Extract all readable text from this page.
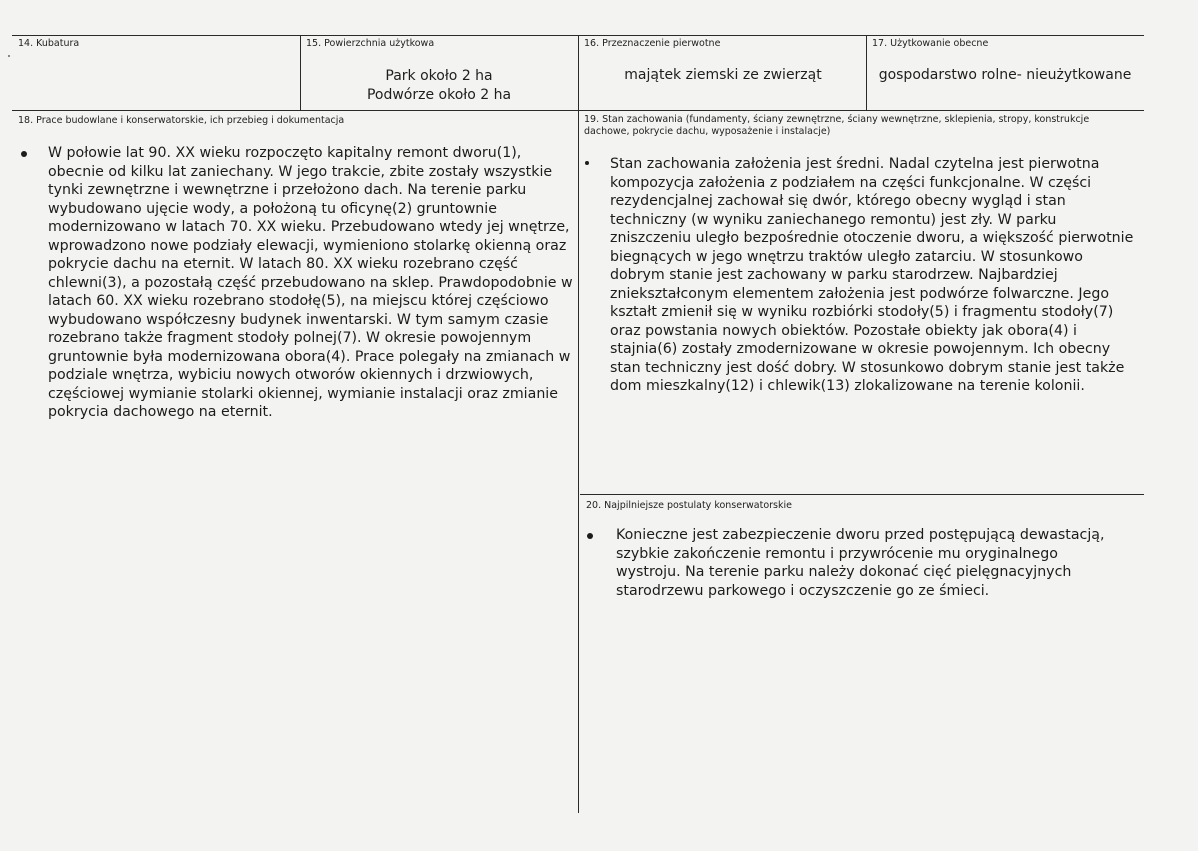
14. Kubatura	15. Powierzchnia użytkowa
Park około 2 ha
Podwórze około 2 ha
16. Przeznaczenie pierwotne
majątek ziemski ze zwierząt
17. Użytkowanie obecne
gospodarstwo rolne- nieużytkowane
18. Prace budowlane i konserwatorskie, ich przebieg i dokumentacja
W połowie lat 90. XX wieku rozpoczęto kapitalny remont dworu(1), obecnie od kilku lat zaniechany. W jego trakcie, zbite zostały wszystkie tynki zewnętrzne i wewnętrzne i przełożono dach. Na terenie parku wybudowano ujęcie wody, a położoną tu oficynę(2) gruntownie modernizowano w latach 70. XX wieku. Przebudowano wtedy jej wnętrze, wprowadzono nowe podziały elewacji, wymieniono stolarkę okienną oraz pokrycie dachu na eternit. W latach 80. XX wieku rozebrano część chlewni(3), a pozostałą część przebudowano na sklep. Prawdopodobnie w latach 60. XX wieku rozebrano stodołę(5), na miejscu której częściowo wybudowano współczesny budynek inwentarski. W tym samym czasie rozebrano także fragment stodoły polnej(7). W okresie powojennym gruntownie była modernizowana obora(4). Prace polegały na zmianach w podziale wnętrza, wybiciu nowych otworów okiennych i drzwiowych, częściowej wymianie stolarki okiennej, wymianie instalacji oraz zmianie pokrycia dachowego na eternit.
19. Stan zachowania (fundamenty, ściany zewnętrzne, ściany wewnętrzne, sklepienia, stropy, konstrukcje dachowe, pokrycie dachu, wyposażenie i instalacje)
Stan zachowania założenia jest średni. Nadal czytelna jest pierwotna kompozycja założenia z podziałem na części funkcjonalne. W części rezydencjalnej zachował się dwór, którego obecny wygląd i stan techniczny (w wyniku zaniechanego remontu) jest zły. W parku zniszczeniu uległo bezpośrednie otoczenie dworu, a większość pierwotnie biegnących w jego wnętrzu traktów uległo zatarciu. W stosunkowo dobrym stanie jest zachowany w parku starodrzew. Najbardziej zniekształconym elementem założenia jest podwórze folwarczne. Jego kształt zmienił się w wyniku rozbiórki stodoły(5) i fragmentu stodoły(7) oraz powstania nowych obiektów. Pozostałe obiekty jak obora(4) i stajnia(6) zostały zmodernizowane w okresie powojennym. Ich obecny stan techniczny jest dość dobry. W stosunkowo dobrym stanie jest także dom mieszkalny(12) i chlewik(13) zlokalizowane na terenie kolonii.
20. Najpilniejsze postulaty konserwatorskie
Konieczne jest zabezpieczenie dworu przed postępującą dewastacją, szybkie zakończenie remontu i przywrócenie mu oryginalnego wystroju. Na terenie parku należy dokonać cięć pielęgnacyjnych starodrzewu parkowego i oczyszczenie go ze śmieci.
